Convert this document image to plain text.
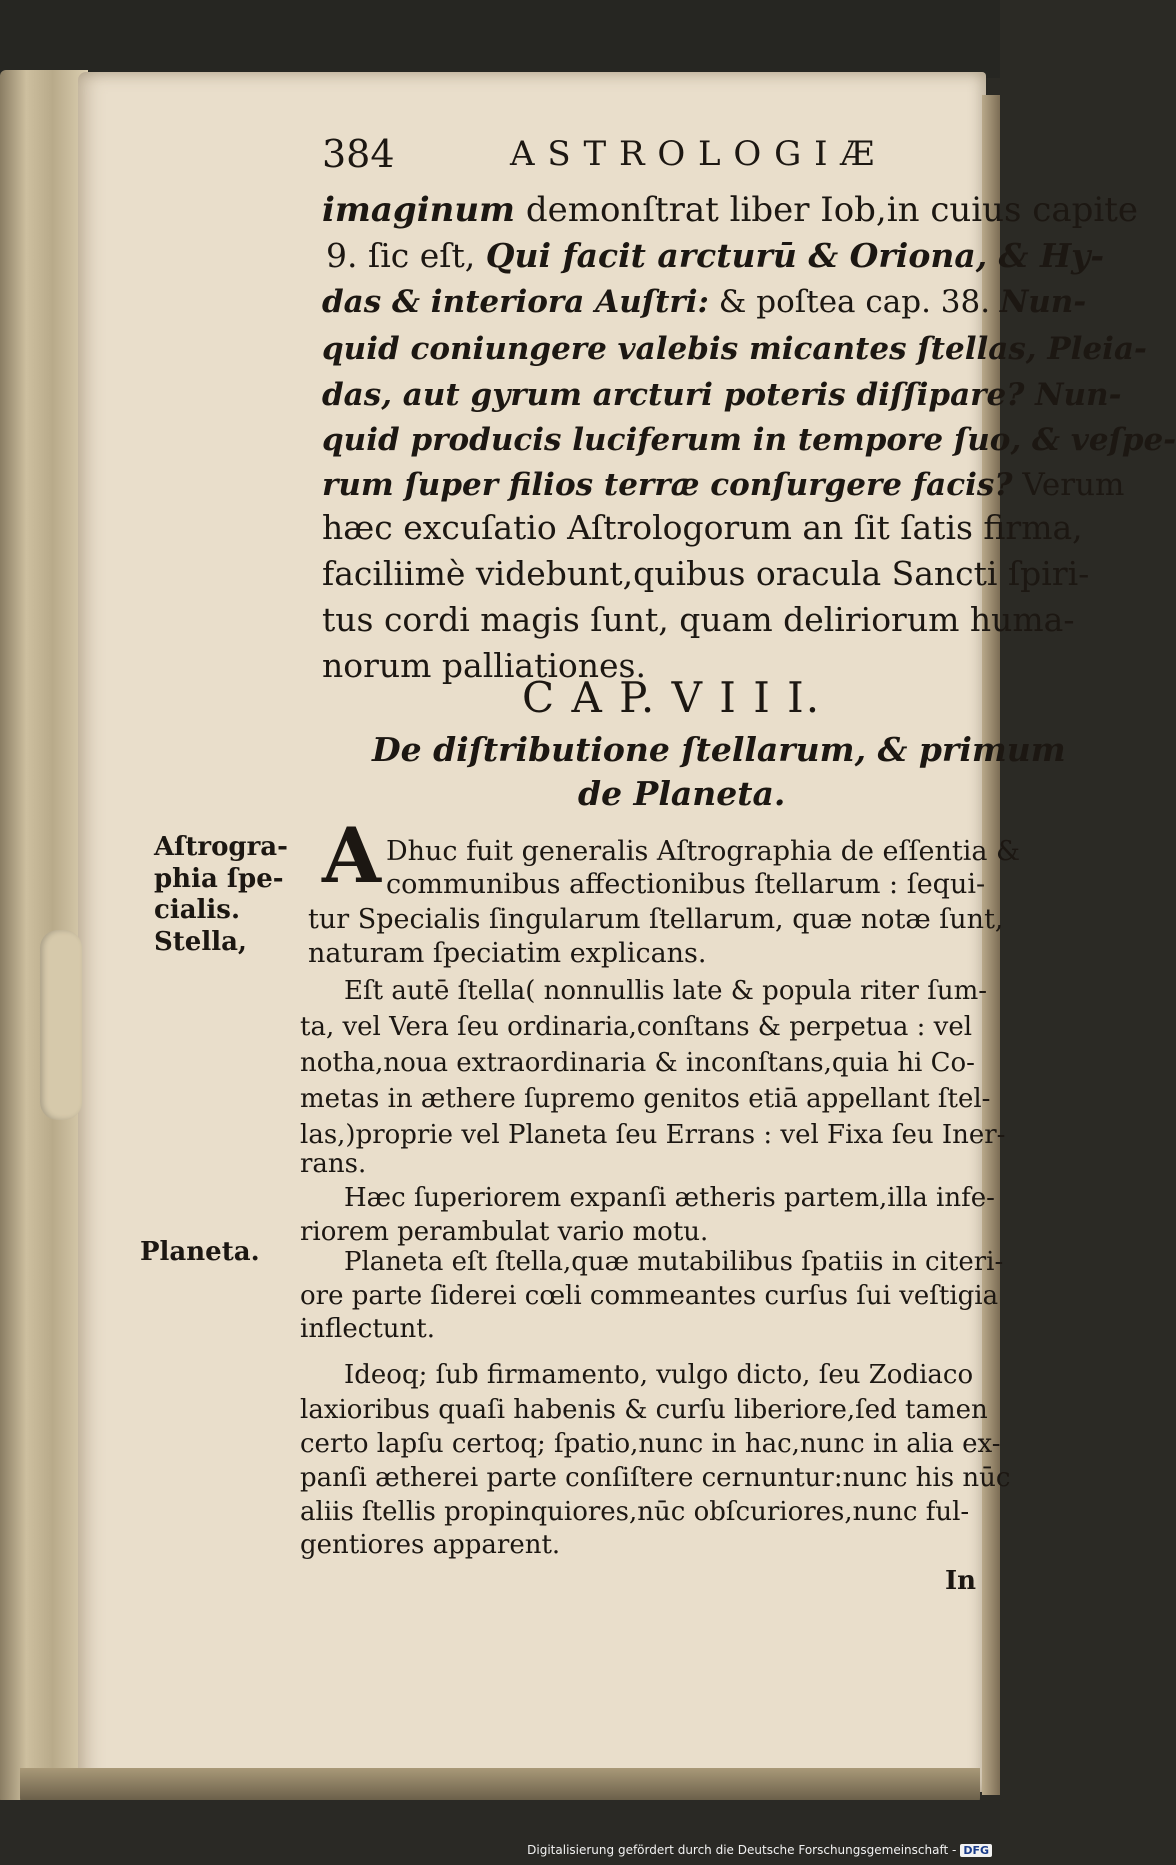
384	A S T R O L O G I Æ
imaginum demonſtrat liber Iob,in cuius capite
9. ſic eſt, Qui facit arcturū & Oriona, & Hy-
das & interiora Auſtri: & poſtea cap. 38. Nun-
quid coniungere valebis micantes ſtellas, Pleia-
das, aut gyrum arcturi poteris diſſipare? Nun-
quid producis luciferum in tempore ſuo, & veſpe-
rum ſuper filios terræ conſurgere facis? Verum
hæc excuſatio Aſtrologorum an ſit ſatis firma,
faciliimè videbunt,quibus oracula Sancti ſpiri-
tus cordi magis ſunt, quam deliriorum huma-
norum palliationes.
C A P. V I I I.
De diſtributione ſtellarum, & primum
de Planeta.
Aſtrogra-
phia ſpe-
cialis.
Stella,
Planeta.
A Dhuc fuit generalis Aſtrographia de eſſentia &
communibus affectionibus ſtellarum : ſequi-
tur Specialis ſingularum ſtellarum, quæ notæ ſunt,
naturam ſpeciatim explicans.
Eſt autē ſtella( nonnullis late & popula riter ſum-
ta, vel Vera ſeu ordinaria,conſtans & perpetua : vel
notha,noua extraordinaria & inconſtans,quia hi Co-
metas in æthere ſupremo genitos etiā appellant ſtel-
las,)proprie vel Planeta ſeu Errans : vel Fixa ſeu Iner-
rans.
Hæc ſuperiorem expanſi ætheris partem,illa infe-
riorem perambulat vario motu.
Planeta eſt ſtella,quæ mutabilibus ſpatiis in citeri-
ore parte ſiderei cœli commeantes curſus ſui veſtigia
inflectunt.
Ideoq; ſub firmamento, vulgo dicto, ſeu Zodiaco
laxioribus quaſi habenis & curſu liberiore,ſed tamen
certo lapſu certoq; ſpatio,nunc in hac,nunc in alia ex-
panſi ætherei parte conſiſtere cernuntur:nunc his nūc
aliis ſtellis propinquiores,nūc obſcuriores,nunc ful-
gentiores apparent.
In
Digitalisierung gefördert durch die Deutsche Forschungsgemeinschaft - DFG
